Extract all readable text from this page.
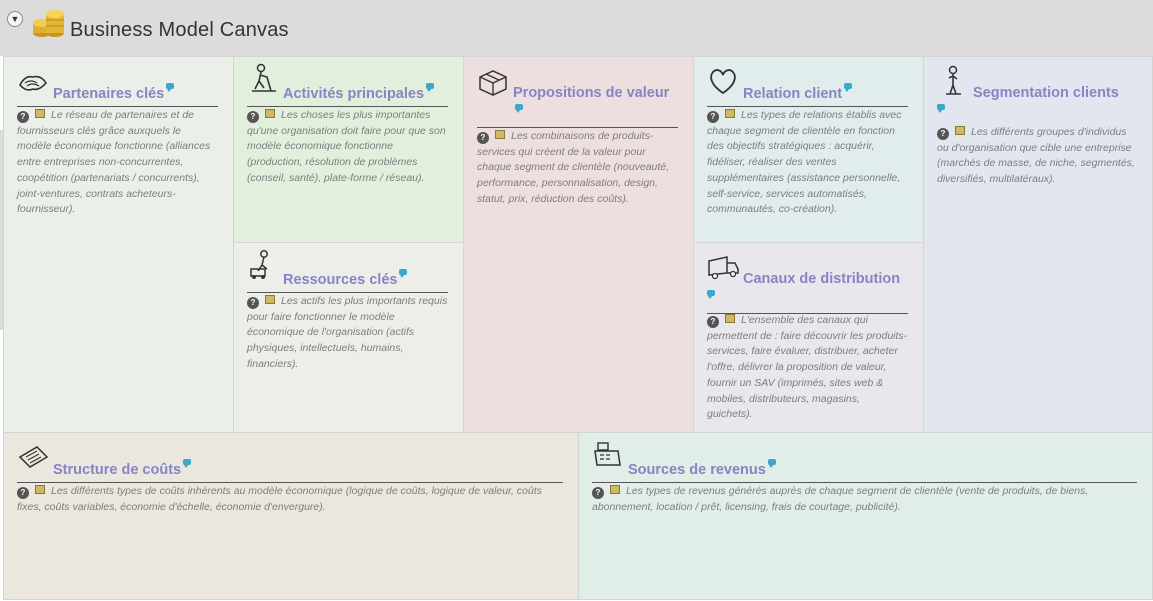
▼	Business Model Canvas
Partenaires clés
? Le réseau de partenaires et de fournisseurs clés grâce auxquels le modèle économique fonctionne (alliances entre entreprises non-concurrentes, coopétition (partenariats / concurrents), joint-ventures, contrats acheteurs-fournisseur).
Activités principales
? Les choses les plus importantes qu'une organisation doit faire pour que son modèle économique fonctionne (production, résolution de problèmes (conseil, santé), plate-forme / réseau).
Ressources clés
? Les actifs les plus importants requis pour faire fonctionner le modèle économique de l'organisation (actifs physiques, intellectuels, humains, financiers).
Propositions de valeur
? Les combinaisons de produits-services qui créent de la valeur pour chaque segment de clientèle (nouveauté, performance, personnalisation, design, statut, prix, réduction des coûts).
Relation client
? Les types de relations établis avec chaque segment de clientèle en fonction des objectifs stratégiques : acquérir, fidéliser, réaliser des ventes supplémentaires (assistance personnelle, self-service, services automatisés, communautés, co-création).
Canaux de distribution

? L'ensemble des canaux qui permettent de : faire découvrir les produits-services, faire évaluer, distribuer, acheter l'offre, délivrer la proposition de valeur, fournir un SAV (imprimés, sites web & mobiles, distributeurs, magasins, guichets).
Segmentation clients

? Les différents groupes d'individus ou d'organisation que cible une entreprise (marchés de masse, de niche, segmentés, diversifiés, multilatéraux).
Structure de coûts
? Les différents types de coûts inhérents au modèle économique (logique de coûts, logique de valeur, coûts fixes, coûts variables, économie d'échelle, économie d'envergure).
Sources de revenus
? Les types de revenus générés auprès de chaque segment de clientèle (vente de produits, de biens, abonnement, location / prêt, licensing, frais de courtage, publicité).
